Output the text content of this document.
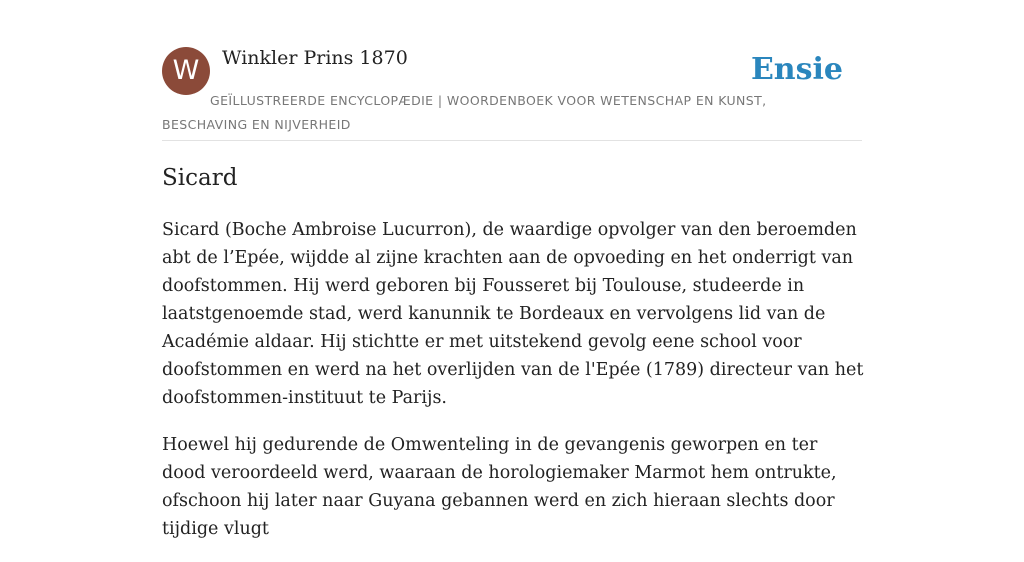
W	Winkler Prins 1870
GEÏLLUSTREERDE ENCYCLOPÆDIE | WOORDENBOEK VOOR WETENSCHAP EN KUNST, BESCHAVING EN NIJVERHEID
Ensie
Sicard

Sicard (Boche Ambroise Lucurron), de waardige opvolger van den beroemden abt de l’Epée, wijdde al zijne krachten aan de opvoeding en het onderrigt van doofstommen. Hij werd geboren bij Fousseret bij Toulouse, studeerde in laatstgenoemde stad, werd kanunnik te Bordeaux en vervolgens lid van de Académie aldaar. Hij stichtte er met uitstekend gevolg eene school voor doofstommen en werd na het overlijden van de l'Epée (1789) directeur van het doofstommen-instituut te Parijs.

Hoewel hij gedurende de Omwenteling in de gevangenis geworpen en ter dood veroordeeld werd, waaraan de horologiemaker Marmot hem ontrukte, ofschoon hij later naar Guyana gebannen werd en zich hieraan slechts door tijdige vlugt
